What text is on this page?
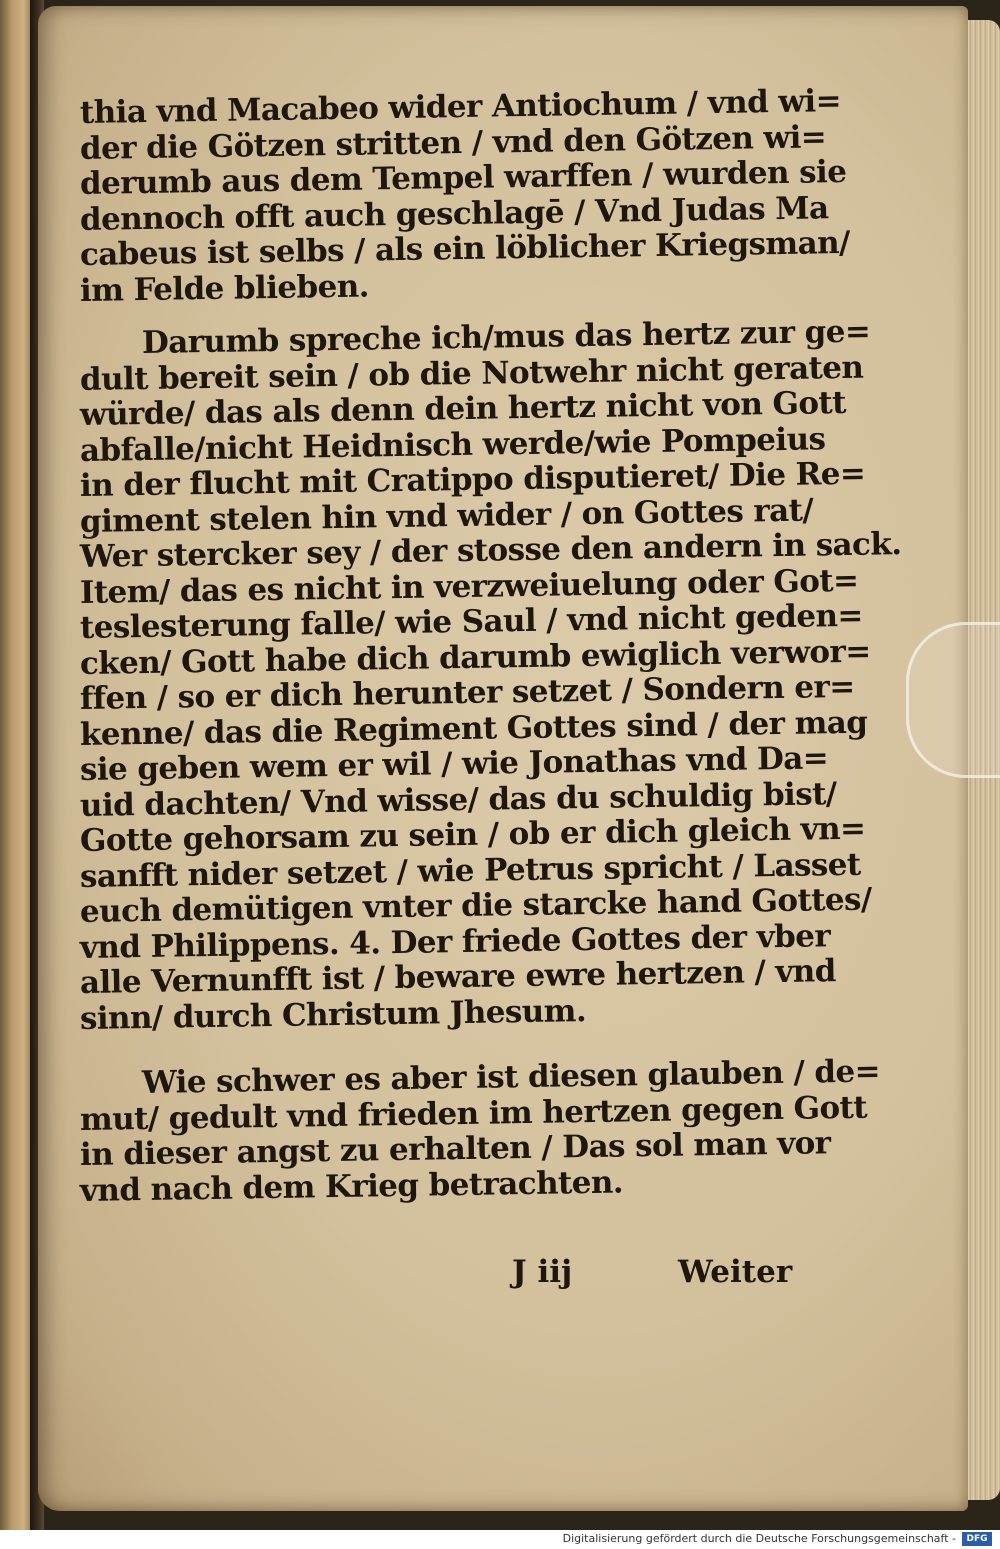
thia vnd Macabeo wider Antiochum / vnd wi=
der die Götzen stritten / vnd den Götzen wi=
derumb aus dem Tempel warffen / wurden sie
dennoch offt auch geschlagē / Vnd Judas Ma
cabeus ist selbs / als ein löblicher Kriegsman/
im Felde blieben.
Darumb spreche ich/mus das hertz zur ge=
dult bereit sein / ob die Notwehr nicht geraten
würde/ das als denn dein hertz nicht von Gott
abfalle/nicht Heidnisch werde/wie Pompeius
in der flucht mit Cratippo disputieret/ Die Re=
giment stelen hin vnd wider / on Gottes rat/
Wer stercker sey / der stosse den andern in sack.
Item/ das es nicht in verzweiuelung oder Got=
teslesterung falle/ wie Saul / vnd nicht geden=
cken/ Gott habe dich darumb ewiglich verwor=
ffen / so er dich herunter setzet / Sondern er=
kenne/ das die Regiment Gottes sind / der mag
sie geben wem er wil / wie Jonathas vnd Da=
uid dachten/ Vnd wisse/ das du schuldig bist/
Gotte gehorsam zu sein / ob er dich gleich vn=
sanfft nider setzet / wie Petrus spricht / Lasset
euch demütigen vnter die starcke hand Gottes/
vnd Philippens. 4. Der friede Gottes der vber
alle Vernunfft ist / beware ewre hertzen / vnd
sinn/ durch Christum Jhesum.
Wie schwer es aber ist diesen glauben / de=
mut/ gedult vnd frieden im hertzen gegen Gott
in dieser angst zu erhalten / Das sol man vor
vnd nach dem Krieg betrachten.
J iij	Weiter
Digitalisierung gefördert durch die Deutsche Forschungsgemeinschaft -	DFG
